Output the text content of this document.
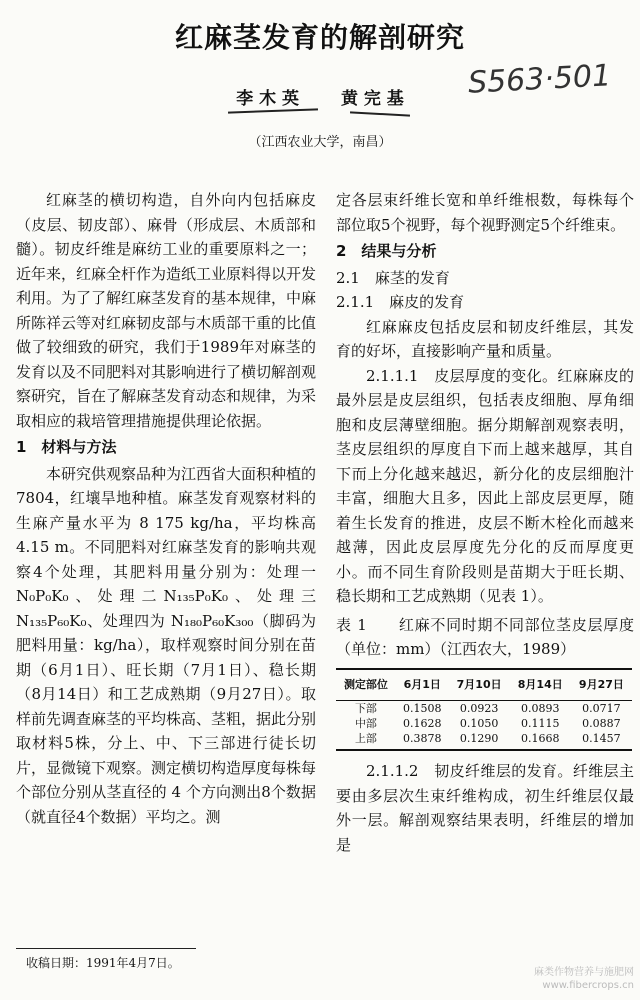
红麻茎发育的解剖研究
李 木 英 黄 完 基	S563·501
（江西农业大学，南昌）

红麻茎的横切构造，自外向内包括麻皮（皮层、韧皮部）、麻骨（形成层、木质部和髓）。韧皮纤维是麻纺工业的重要原料之一；近年来，红麻全杆作为造纸工业原料得以开发利用。为了了解红麻茎发育的基本规律，中麻所陈祥云等对红麻韧皮部与木质部干重的比值做了较细致的研究，我们于1989年对麻茎的发育以及不同肥料对其影响进行了横切解剖观察研究，旨在了解麻茎发育动态和规律，为采取相应的栽培管理措施提供理论依据。

1　材料与方法

本研究供观察品种为江西省大面积种植的7804，红壤旱地种植。麻茎发育观察材料的生麻产量水平为 8 175 kg/ha，平均株高 4.15 m。不同肥料对红麻茎发育的影响共观察4个处理，其肥料用量分别为：处理一 N₀P₀K₀、处理二N₁₃₅P₀K₀、处理三N₁₃₅P₆₀K₀、处理四为 N₁₈₀P₆₀K₃₀₀（脚码为肥料用量：kg/ha），取样观察时间分别在苗期（6月1日）、旺长期（7月1日）、稳长期（8月14日）和工艺成熟期（9月27日）。取样前先调查麻茎的平均株高、茎粗，据此分别取材料5株，分上、中、下三部进行徒长切片，显微镜下观察。测定横切构造厚度每株每个部位分别从茎直径的 4 个方向测出8个数据（就直径4个数据）平均之。测

定各层束纤维长宽和单纤维根数，每株每个部位取5个视野，每个视野测定5个纤维束。

2　结果与分析

2.1　麻茎的发育

2.1.1　麻皮的发育

红麻麻皮包括皮层和韧皮纤维层，其发育的好坏，直接影响产量和质量。

2.1.1.1　皮层厚度的变化。红麻麻皮的最外层是皮层组织，包括表皮细胞、厚角细胞和皮层薄壁细胞。据分期解剖观察表明，茎皮层组织的厚度自下而上越来越厚，其自下而上分化越来越迟，新分化的皮层细胞汁丰富，细胞大且多，因此上部皮层更厚，随着生长发育的推进，皮层不断木栓化而越来越薄，因此皮层厚度先分化的反而厚度更小。而不同生育阶段则是苗期大于旺长期、稳长期和工艺成熟期（见表 1）。

表 1　　红麻不同时期不同部位茎皮层厚度（单位：mm）（江西农大，1989）

测定部位	6月1日	7月10日	8月14日	9月27日
下部	0.1508	0.0923	0.0893	0.0717
中部	0.1628	0.1050	0.1115	0.0887
上部	0.3878	0.1290	0.1668	0.1457

2.1.1.2　韧皮纤维层的发育。纤维层主要由多层次生束纤维构成，初生纤维层仅最外一层。解剖观察结果表明，纤维层的增加是

收稿日期：1991年4月7日。
麻类作物营养与施肥网
www.fibercrops.cn
